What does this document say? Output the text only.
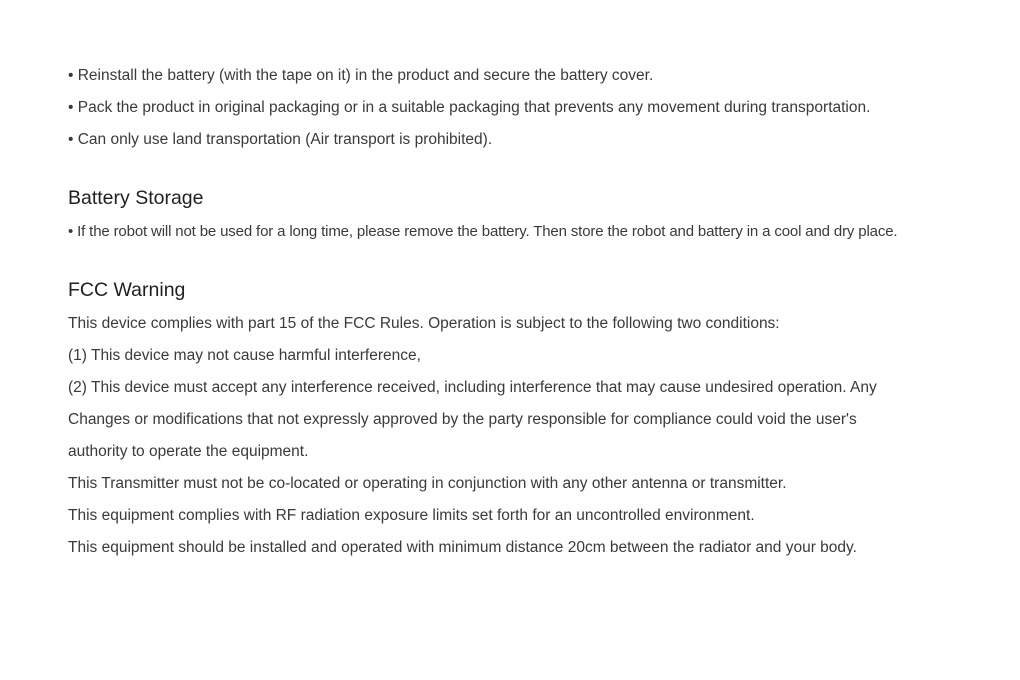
• Reinstall the battery (with the tape on it) in the product and secure the battery cover.
• Pack the product in original packaging or in a suitable packaging that prevents any movement during transportation.
• Can only use land transportation (Air transport is prohibited).
Battery Storage
• If the robot will not be used for a long time, please remove the battery. Then store the robot and battery in a cool and dry place.
FCC Warning
This device complies with part 15 of the FCC Rules. Operation is subject to the following two conditions:
(1) This device may not cause harmful interference,
(2) This device must accept any interference received, including interference that may cause undesired operation. Any
Changes or modifications that not expressly approved by the party responsible for compliance could void the user's
authority to operate the equipment.
This Transmitter must not be co-located or operating in conjunction with any other antenna or transmitter.
This equipment complies with RF radiation exposure limits set forth for an uncontrolled environment.
This equipment should be installed and operated with minimum distance 20cm between the radiator and your body.
